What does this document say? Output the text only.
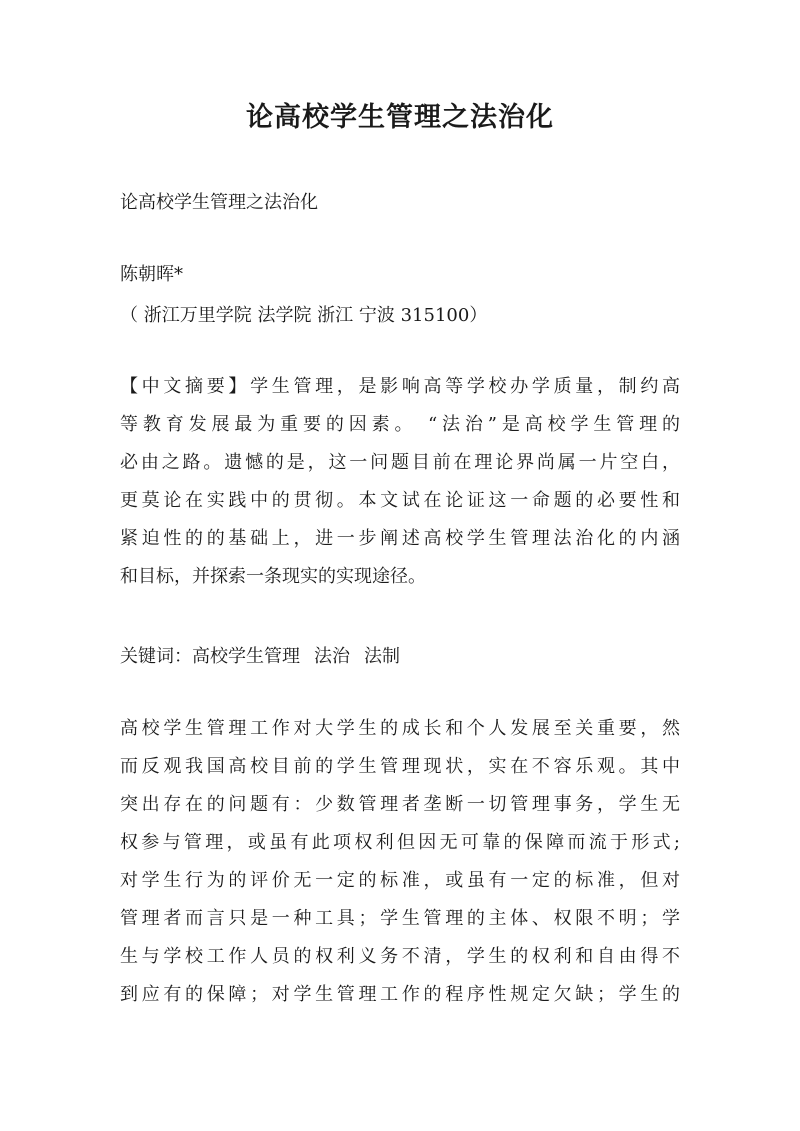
论高校学生管理之法治化
论高校学生管理之法治化
陈朝晖*
（ 浙江万里学院 法学院 浙江 宁波 315100）
【中文摘要】学生管理，是影响高等学校办学质量，制约高
等教育发展最为重要的因素。 “法治”是高校学生管理的
必由之路。遗憾的是，这一问题目前在理论界尚属一片空白，
更莫论在实践中的贯彻。本文试在论证这一命题的必要性和
紧迫性的的基础上，进一步阐述高校学生管理法治化的内涵
和目标，并探索一条现实的实现途径。
关键词：高校学生管理 法治 法制
高校学生管理工作对大学生的成长和个人发展至关重要，然
而反观我国高校目前的学生管理现状，实在不容乐观。其中
突出存在的问题有：少数管理者垄断一切管理事务，学生无
权参与管理，或虽有此项权利但因无可靠的保障而流于形式;
对学生行为的评价无一定的标准，或虽有一定的标准，但对
管理者而言只是一种工具；学生管理的主体、权限不明；学
生与学校工作人员的权利义务不清，学生的权利和自由得不
到应有的保障；对学生管理工作的程序性规定欠缺；学生的
